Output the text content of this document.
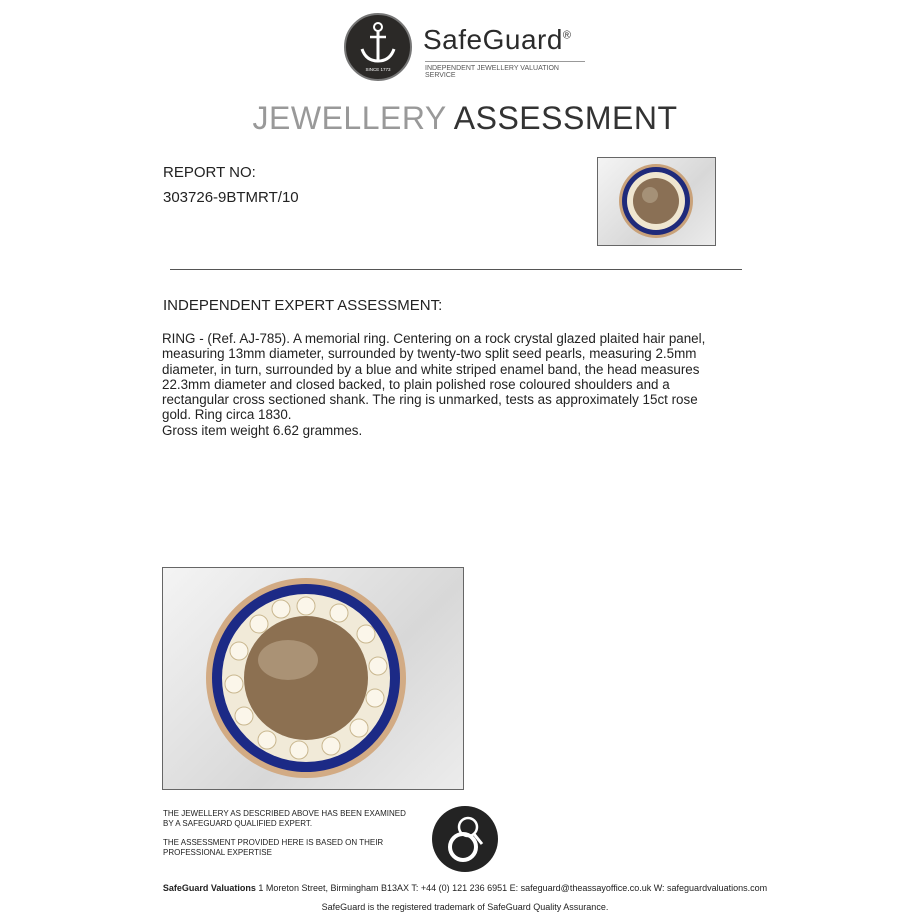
SINCE 1773
SafeGuard®
INDEPENDENT JEWELLERY VALUATION SERVICE
JEWELLERY ASSESSMENT
REPORT NO:
303726-9BTMRT/10
INDEPENDENT EXPERT ASSESSMENT:
RING - (Ref. AJ-785). A memorial ring. Centering on a rock crystal glazed plaited hair panel,
measuring 13mm diameter, surrounded by twenty-two split seed pearls, measuring 2.5mm
diameter, in turn, surrounded by a blue and white striped enamel band, the head measures
22.3mm diameter and closed backed, to plain polished rose coloured shoulders and a
rectangular cross sectioned shank. The ring is unmarked, tests as approximately 15ct rose
gold. Ring circa 1830.
Gross item weight 6.62 grammes.
THE JEWELLERY AS DESCRIBED ABOVE HAS BEEN EXAMINED
BY A SAFEGUARD QUALIFIED EXPERT.
THE ASSESSMENT PROVIDED HERE IS BASED ON THEIR
PROFESSIONAL EXPERTISE
SafeGuard Valuations 1 Moreton Street, Birmingham B13AX T: +44 (0) 121 236 6951 E: safeguard@theassayoffice.co.uk W: safeguardvaluations.com
SafeGuard is the registered trademark of SafeGuard Quality Assurance.
